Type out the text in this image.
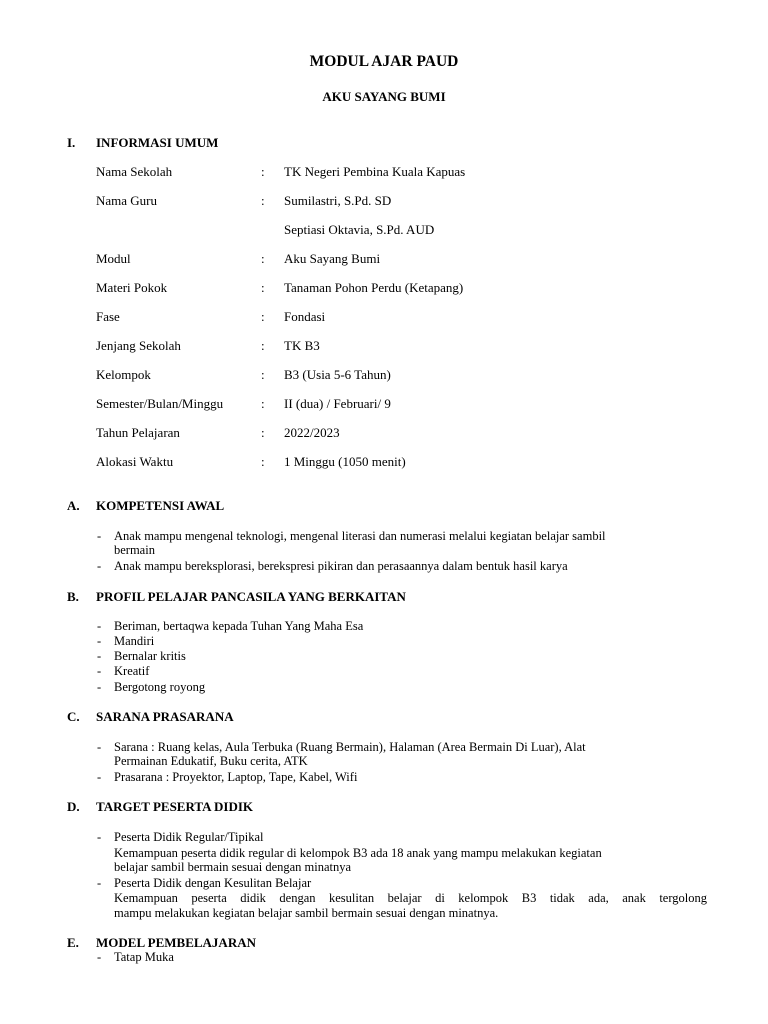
MODUL AJAR PAUD
AKU SAYANG BUMI
I. INFORMASI UMUM
Nama Sekolah	: TK Negeri Pembina Kuala Kapuas
Nama Guru	: Sumilastri, S.Pd. SD
Septiasi Oktavia, S.Pd. AUD
Modul	: Aku Sayang Bumi
Materi Pokok	: Tanaman Pohon Perdu (Ketapang)
Fase	: Fondasi
Jenjang Sekolah	: TK B3
Kelompok	: B3 (Usia 5-6 Tahun)
Semester/Bulan/Minggu	: II (dua) / Februari/ 9
Tahun Pelajaran	: 2022/2023
Alokasi Waktu	: 1 Minggu (1050 menit)
A. KOMPETENSI AWAL
- Anak mampu mengenal teknologi, mengenal literasi dan numerasi melalui kegiatan belajar sambil
bermain
- Anak mampu bereksplorasi, berekspresi pikiran dan perasaannya dalam bentuk hasil karya
B. PROFIL PELAJAR PANCASILA YANG BERKAITAN
- Beriman, bertaqwa kepada Tuhan Yang Maha Esa
- Mandiri
- Bernalar kritis
- Kreatif
- Bergotong royong
C. SARANA PRASARANA
- Sarana : Ruang kelas, Aula Terbuka (Ruang Bermain), Halaman (Area Bermain Di Luar), Alat
Permainan Edukatif, Buku cerita, ATK
- Prasarana : Proyektor, Laptop, Tape, Kabel, Wifi
D. TARGET PESERTA DIDIK
- Peserta Didik Regular/Tipikal
Kemampuan peserta didik regular di kelompok B3 ada 18 anak yang mampu melakukan kegiatan
belajar sambil bermain sesuai dengan minatnya
- Peserta Didik dengan Kesulitan Belajar
Kemampuan peserta didik dengan kesulitan belajar di kelompok B3 tidak ada, anak tergolong
mampu melakukan kegiatan belajar sambil bermain sesuai dengan minatnya.
E. MODEL PEMBELAJARAN
- Tatap Muka
